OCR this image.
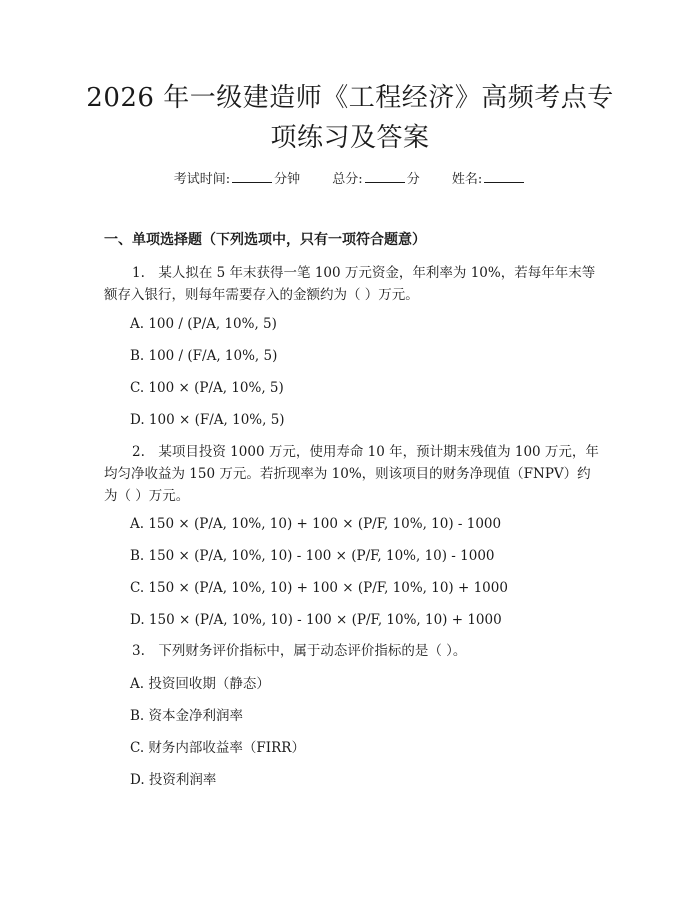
2026 年一级建造师《工程经济》高频考点专
项练习及答案
考试时间:	分钟 总分:	分 姓名:
一、单项选择题（下列选项中，只有一项符合题意）
1.　某人拟在 5 年末获得一笔 100 万元资金，年利率为 10%，若每年年末等额存入银行，则每年需要存入的金额约为（ ）万元。
A. 100 / (P/A, 10%, 5)
B. 100 / (F/A, 10%, 5)
C. 100 × (P/A, 10%, 5)
D. 100 × (F/A, 10%, 5)
2.　某项目投资 1000 万元，使用寿命 10 年，预计期末残值为 100 万元，年均匀净收益为 150 万元。若折现率为 10%，则该项目的财务净现值（FNPV）约为（ ）万元。
A. 150 × (P/A, 10%, 10) + 100 × (P/F, 10%, 10) - 1000
B. 150 × (P/A, 10%, 10) - 100 × (P/F, 10%, 10) - 1000
C. 150 × (P/A, 10%, 10) + 100 × (P/F, 10%, 10) + 1000
D. 150 × (P/A, 10%, 10) - 100 × (P/F, 10%, 10) + 1000
3.　下列财务评价指标中，属于动态评价指标的是（ ）。
A. 投资回收期（静态）
B. 资本金净利润率
C. 财务内部收益率（FIRR）
D. 投资利润率
